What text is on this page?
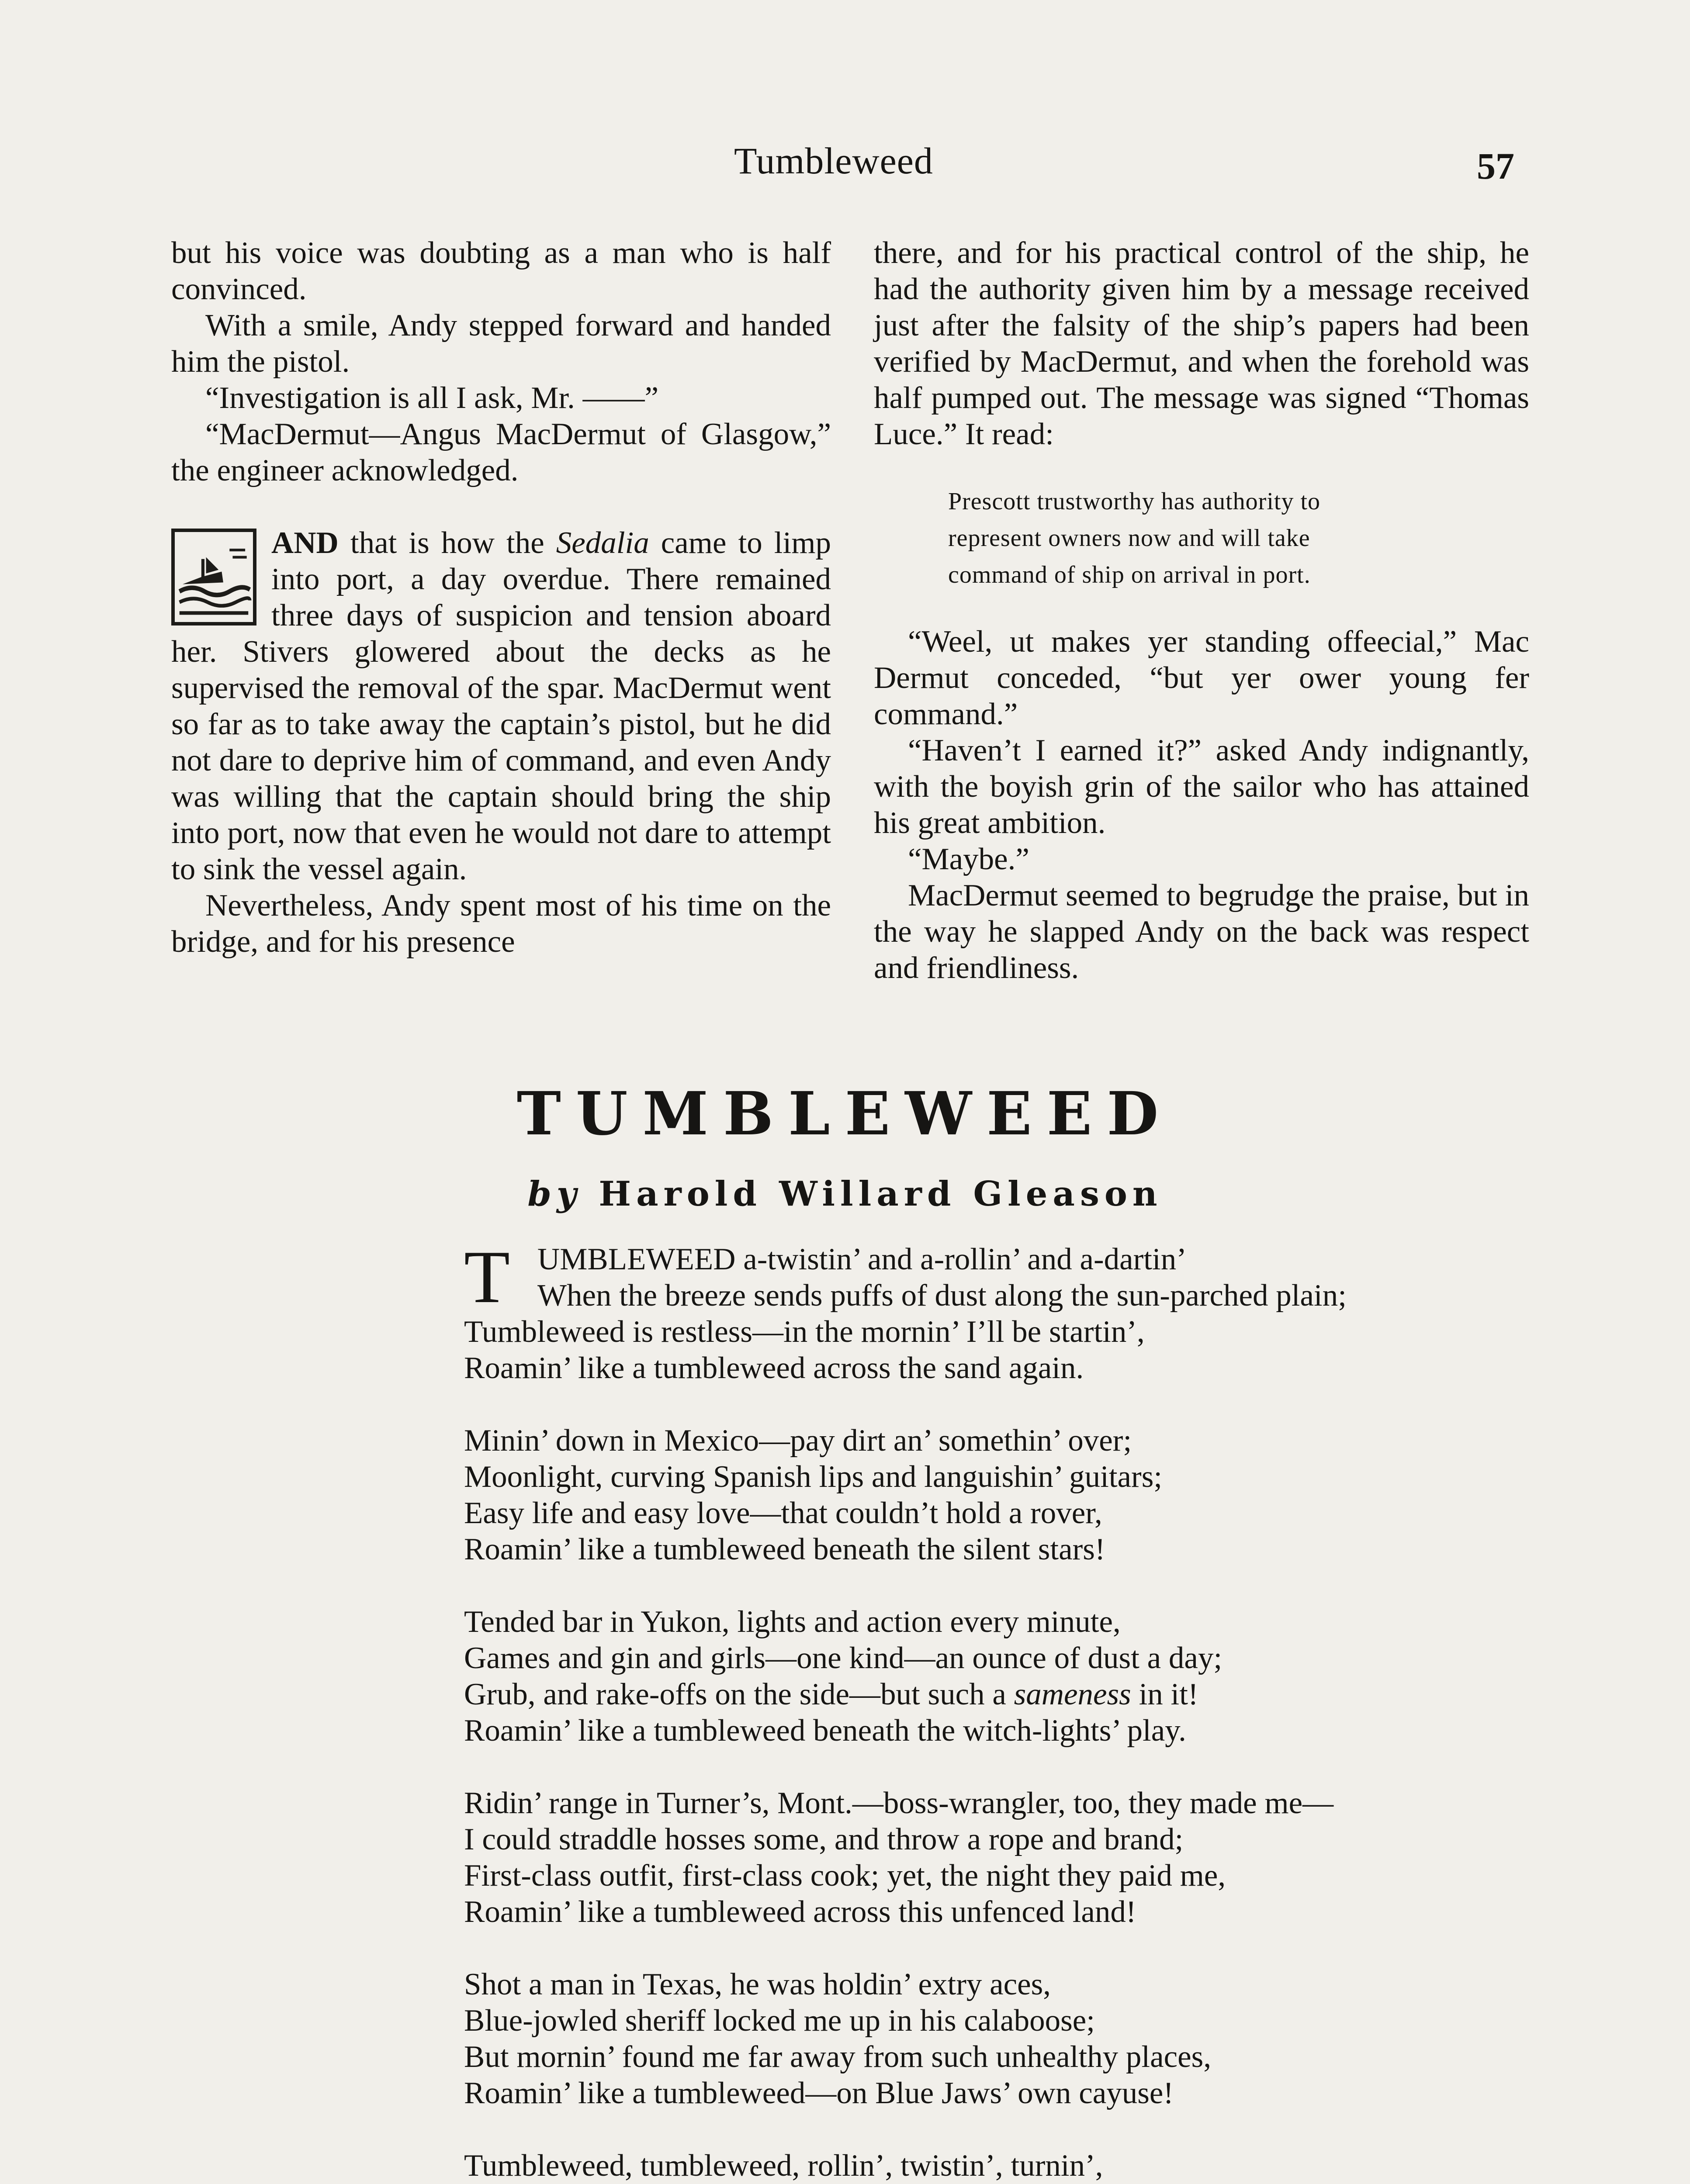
Tumbleweed	57

but his voice was doubting as a man who is half convinced.

With a smile, Andy stepped forward and handed him the pistol.

“Investigation is all I ask, Mr. ——”

“MacDermut—Angus MacDermut of Glasgow,” the engineer acknowledged.

AND that is how the Sedalia came to limp into port, a day overdue. There remained three days of suspicion and tension aboard her. Stivers glowered about the decks as he supervised the removal of the spar. MacDermut went so far as to take away the captain’s pistol, but he did not dare to deprive him of command, and even Andy was willing that the captain should bring the ship into port, now that even he would not dare to attempt to sink the vessel again.

Nevertheless, Andy spent most of his time on the bridge, and for his presence

there, and for his practical control of the ship, he had the authority given him by a message received just after the falsity of the ship’s papers had been verified by MacDermut, and when the forehold was half pumped out. The message was signed “Thomas Luce.” It read:

Prescott trustworthy has authority to
represent owners now and will take
command of ship on arrival in port.

“Weel, ut makes yer standing offeecial,” Mac Dermut conceded, “but yer ower young fer command.”

“Haven’t I earned it?” asked Andy indignantly, with the boyish grin of the sailor who has attained his great ambition.

“Maybe.”

MacDermut seemed to begrudge the praise, but in the way he slapped Andy on the back was respect and friendliness.

TUMBLEWEED
by Harold Willard Gleason
T UMBLEWEED a-twistin’ and a-rollin’ and a-dartin’
When the breeze sends puffs of dust along the sun-parched plain;
Tumbleweed is restless—in the mornin’ I’ll be startin’,
Roamin’ like a tumbleweed across the sand again.
Minin’ down in Mexico—pay dirt an’ somethin’ over;
Moonlight, curving Spanish lips and languishin’ guitars;
Easy life and easy love—that couldn’t hold a rover,
Roamin’ like a tumbleweed beneath the silent stars!
Tended bar in Yukon, lights and action every minute,
Games and gin and girls—one kind—an ounce of dust a day;
Grub, and rake-offs on the side—but such a sameness in it!
Roamin’ like a tumbleweed beneath the witch-lights’ play.
Ridin’ range in Turner’s, Mont.—boss-wrangler, too, they made me—
I could straddle hosses some, and throw a rope and brand;
First-class outfit, first-class cook; yet, the night they paid me,
Roamin’ like a tumbleweed across this unfenced land!
Shot a man in Texas, he was holdin’ extry aces,
Blue-jowled sheriff locked me up in his calaboose;
But mornin’ found me far away from such unhealthy places,
Roamin’ like a tumbleweed—on Blue Jaws’ own cayuse!
Tumbleweed, tumbleweed, rollin’, twistin’, turnin’,
